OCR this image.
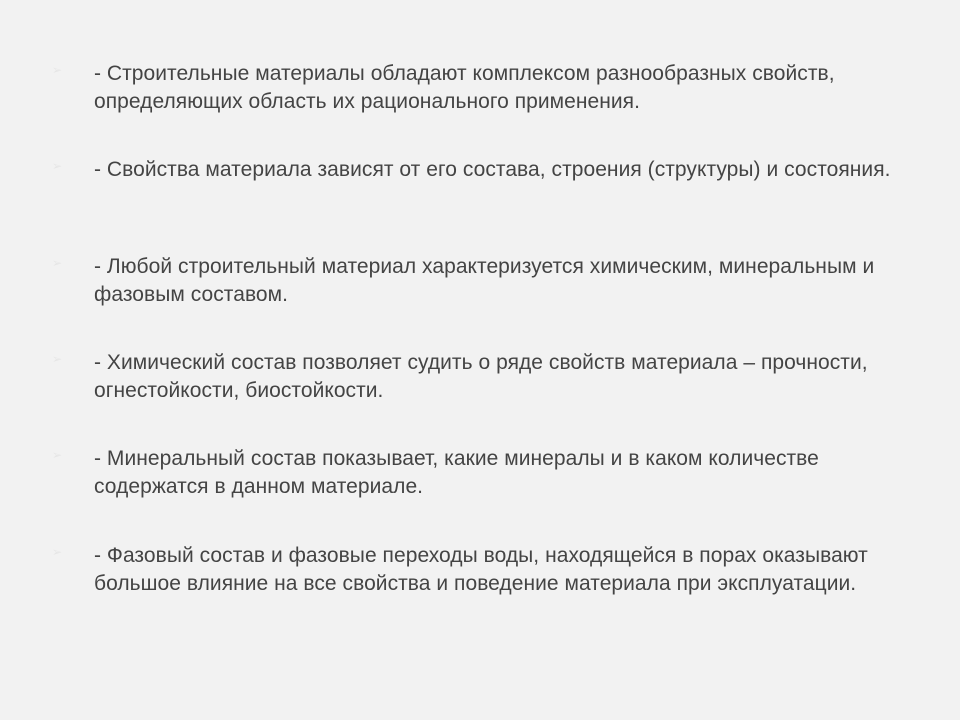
➢ - Строительные материалы обладают комплексом разнообразных свойств, определяющих область их рационального применения.
➢ - Свойства материала зависят от его состава, строения (структуры) и состояния.
➢ - Любой строительный материал характеризуется химическим, минеральным и фазовым составом.
➢ - Химический состав позволяет судить о ряде свойств материала – прочности, огнестойкости, биостойкости.
➢ - Минеральный состав показывает, какие минералы и в каком количестве содержатся в данном материале.
➢ - Фазовый состав и фазовые переходы воды, находящейся в порах оказывают большое влияние на все свойства и поведение материала при эксплуатации.
